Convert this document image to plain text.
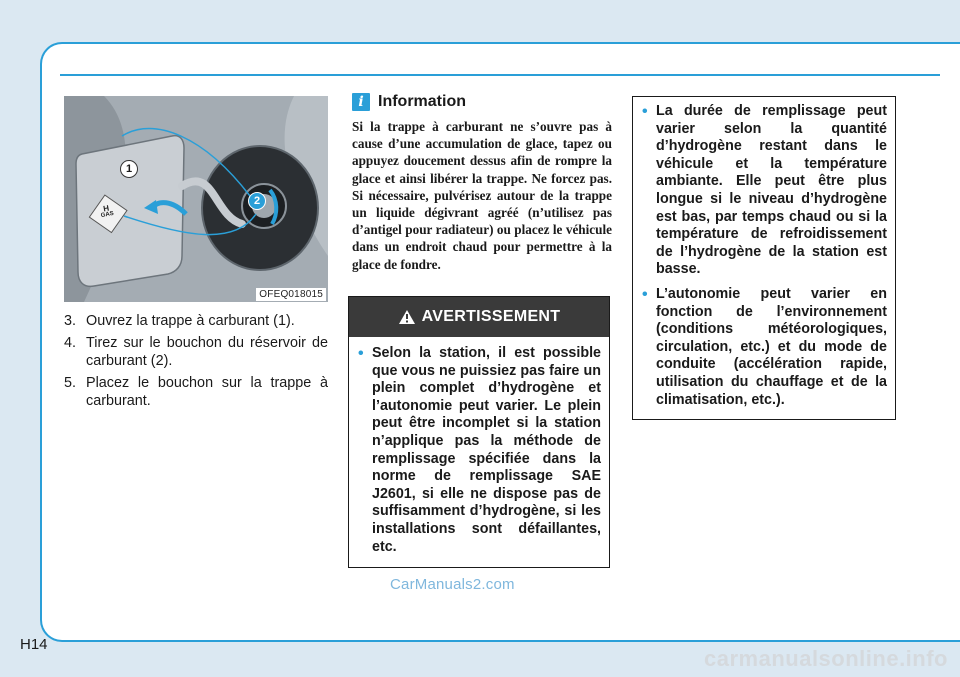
H
GAS
1
2
OFEQ018015
3. Ouvrez la trappe à carburant (1).
4. Tirez sur le bouchon du réservoir de carburant (2).
5. Placez le bouchon sur la trappe à carburant.
i Information

Si la trappe à carburant ne s’ouvre pas à cause d’une accumulation de glace, tapez ou appuyez doucement dessus afin de rompre la glace et ainsi libérer la trappe. Ne forcez pas. Si nécessaire, pulvérisez autour de la trappe un liquide dégivrant agréé (n’utilisez pas d’antigel pour radiateur) ou placez le véhicule dans un endroit chaud pour permettre à la glace de fondre.

AVERTISSEMENT
• Selon la station, il est possible que vous ne puissiez pas faire un plein complet d’hydrogène et l’autonomie peut varier. Le plein peut être incomplet si la station n’applique pas la méthode de remplissage spécifiée dans la norme de remplissage SAE J2601, si elle ne dispose pas de suffisamment d’hydrogène, si les installations sont défaillantes, etc.
• La durée de remplissage peut varier selon la quantité d’hydrogène restant dans le véhicule et la température ambiante. Elle peut être plus longue si le niveau d’hydrogène est bas, par temps chaud ou si la température de refroidissement de l’hydrogène de la station est basse.
• L’autonomie peut varier en fonction de l’environnement (conditions météorologiques, circulation, etc.) et du mode de conduite (accélération rapide, utilisation du chauffage et de la climatisation, etc.).
CarManuals2.com
H14
carmanualsonline.info
